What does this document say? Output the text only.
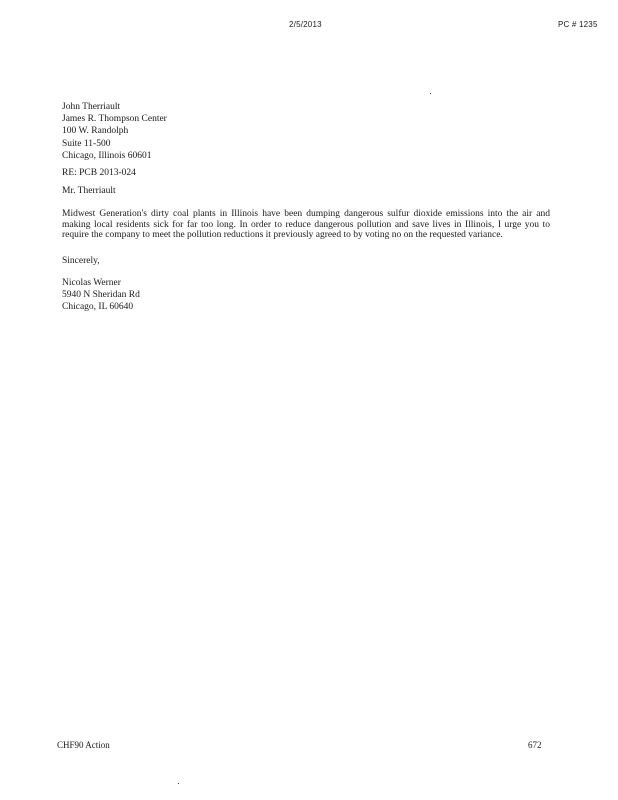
2/5/2013	PC # 1235
John Therriault
James R. Thompson Center
100 W. Randolph
Suite 11-500
Chicago, Illinois 60601
RE: PCB 2013-024
Mr. Therriault
Midwest Generation's dirty coal plants in Illinois have been dumping dangerous sulfur dioxide emissions into the air and making local residents sick for far too long. In order to reduce dangerous pollution and save lives in Illinois, I urge you to require the company to meet the pollution reductions it previously agreed to by voting no on the requested variance.
Sincerely,
Nicolas Werner
5940 N Sheridan Rd
Chicago, IL 60640
CHF90 Action	672
